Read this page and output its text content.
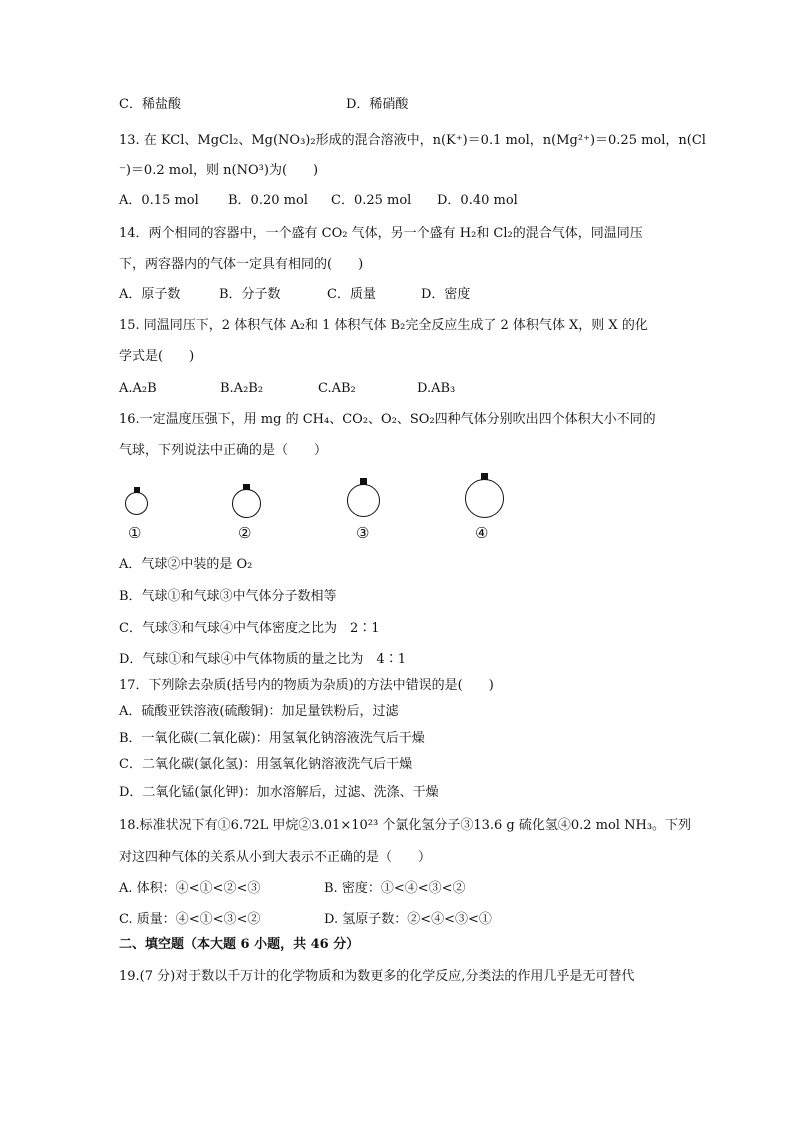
C．稀盐酸	D．稀硝酸
13. 在 KCl、MgCl₂、Mg(NO₃)₂形成的混合溶液中，n(K⁺)＝0.1 mol，n(Mg²⁺)＝0.25 mol，n(Cl
⁻)＝0.2 mol，则 n(NO³)为(　　)
A．0.15 mol B．0.20 mol C．0.25 mol D．0.40 mol
14．两个相同的容器中，一个盛有 CO₂ 气体，另一个盛有 H₂和 Cl₂的混合气体，同温同压
下，两容器内的气体一定具有相同的(　　)
A．原子数	B．分子数	C．质量	D．密度
15. 同温同压下，2 体积气体 A₂和 1 体积气体 B₂完全反应生成了 2 体积气体 X，则 X 的化
学式是(　　)
A.A₂B	B.A₂B₂	C.AB₂	D.AB₃
16.一定温度压强下，用 mg 的 CH₄、CO₂、O₂、SO₂四种气体分别吹出四个体积大小不同的
气球，下列说法中正确的是（　　）
①	②	③	④
A．气球②中装的是 O₂
B．气球①和气球③中气体分子数相等
C．气球③和气球④中气体密度之比为　2∶1
D．气球①和气球④中气体物质的量之比为　4∶1
17．下列除去杂质(括号内的物质为杂质)的方法中错误的是(　　)
A．硫酸亚铁溶液(硫酸铜)：加足量铁粉后，过滤
B．一氧化碳(二氧化碳)：用氢氧化钠溶液洗气后干燥
C．二氧化碳(氯化氢)：用氢氧化钠溶液洗气后干燥
D．二氧化锰(氯化钾)：加水溶解后，过滤、洗涤、干燥
18.标准状况下有①6.72L 甲烷②3.01×10²³ 个氯化氢分子③13.6 g 硫化氢④0.2 mol NH₃。下列
对这四种气体的关系从小到大表示不正确的是（　　）
A. 体积：④<①<②<③	B. 密度：①<④<③<②
C. 质量：④<①<③<②	D. 氢原子数：②<④<③<①
二、填空题（本大题 6 小题，共 46 分）
19.(7 分)对于数以千万计的化学物质和为数更多的化学反应,分类法的作用几乎是无可替代
